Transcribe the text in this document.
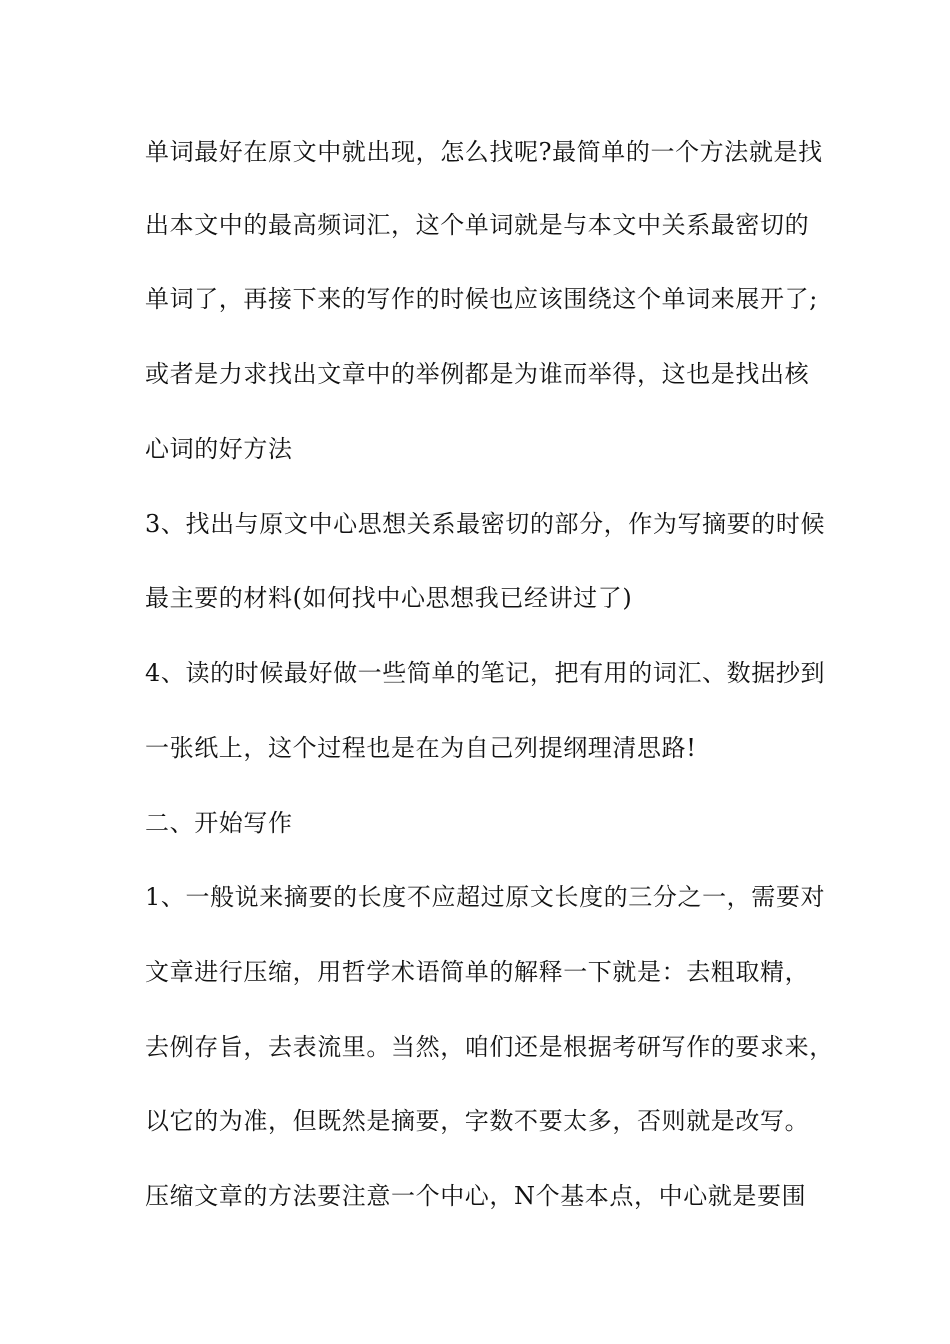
单词最好在原文中就出现，怎么找呢?最简单的一个方法就是找
出本文中的最高频词汇，这个单词就是与本文中关系最密切的
单词了，再接下来的写作的时候也应该围绕这个单词来展开了;
或者是力求找出文章中的举例都是为谁而举得，这也是找出核
心词的好方法
3、找出与原文中心思想关系最密切的部分，作为写摘要的时候
最主要的材料(如何找中心思想我已经讲过了)
4、读的时候最好做一些简单的笔记，把有用的词汇、数据抄到
一张纸上，这个过程也是在为自己列提纲理清思路!
二、开始写作
1、一般说来摘要的长度不应超过原文长度的三分之一，需要对
文章进行压缩，用哲学术语简单的解释一下就是：去粗取精，
去例存旨，去表流里。当然，咱们还是根据考研写作的要求来，
以它的为准，但既然是摘要，字数不要太多，否则就是改写。
压缩文章的方法要注意一个中心，N个基本点，中心就是要围
